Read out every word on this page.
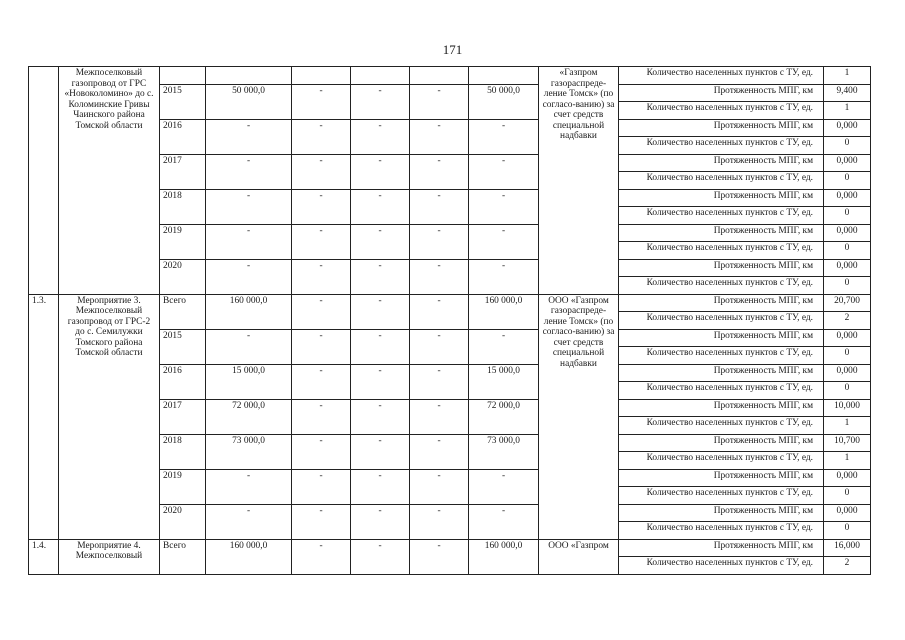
171
	Межпоселковый газопровод от ГРС «Новоколомино» до с. Коломинские Гривы Чаинского района Томской области							«Газпром газораспреде-ление Томск» (по согласо-ванию) за счет средств специальной надбавки	Количество населенных пунктов с ТУ, ед.	1
		2015	50 000,0	-	-	-	50 000,0		Протяженность МПГ, км	9,400
									Количество населенных пунктов с ТУ, ед.	1
		2016	-	-	-	-	-		Протяженность МПГ, км	0,000
									Количество населенных пунктов с ТУ, ед.	0
		2017	-	-	-	-	-		Протяженность МПГ, км	0,000
									Количество населенных пунктов с ТУ, ед.	0
		2018	-	-	-	-	-		Протяженность МПГ, км	0,000
									Количество населенных пунктов с ТУ, ед.	0
		2019	-	-	-	-	-		Протяженность МПГ, км	0,000
									Количество населенных пунктов с ТУ, ед.	0
		2020	-	-	-	-	-		Протяженность МПГ, км	0,000
									Количество населенных пунктов с ТУ, ед.	0
1.3.	Мероприятие 3. Межпоселковый газопровод от ГРС-2 до с. Семилужки Томского района Томской области	Всего	160 000,0	-	-	-	160 000,0	ООО «Газпром газораспреде-ление Томск» (по согласо-ванию) за счет средств специальной надбавки	Протяженность МПГ, км	20,700
									Количество населенных пунктов с ТУ, ед.	2
		2015	-	-	-	-	-		Протяженность МПГ, км	0,000
									Количество населенных пунктов с ТУ, ед.	0
		2016	15 000,0	-	-	-	15 000,0		Протяженность МПГ, км	0,000
									Количество населенных пунктов с ТУ, ед.	0
		2017	72 000,0	-	-	-	72 000,0		Протяженность МПГ, км	10,000
									Количество населенных пунктов с ТУ, ед.	1
		2018	73 000,0	-	-	-	73 000,0		Протяженность МПГ, км	10,700
									Количество населенных пунктов с ТУ, ед.	1
		2019	-	-	-	-	-		Протяженность МПГ, км	0,000
									Количество населенных пунктов с ТУ, ед.	0
		2020	-	-	-	-	-		Протяженность МПГ, км	0,000
									Количество населенных пунктов с ТУ, ед.	0
1.4.	Мероприятие 4. Межпоселковый	Всего	160 000,0	-	-	-	160 000,0	ООО «Газпром	Протяженность МПГ, км	16,000
									Количество населенных пунктов с ТУ, ед.	2
